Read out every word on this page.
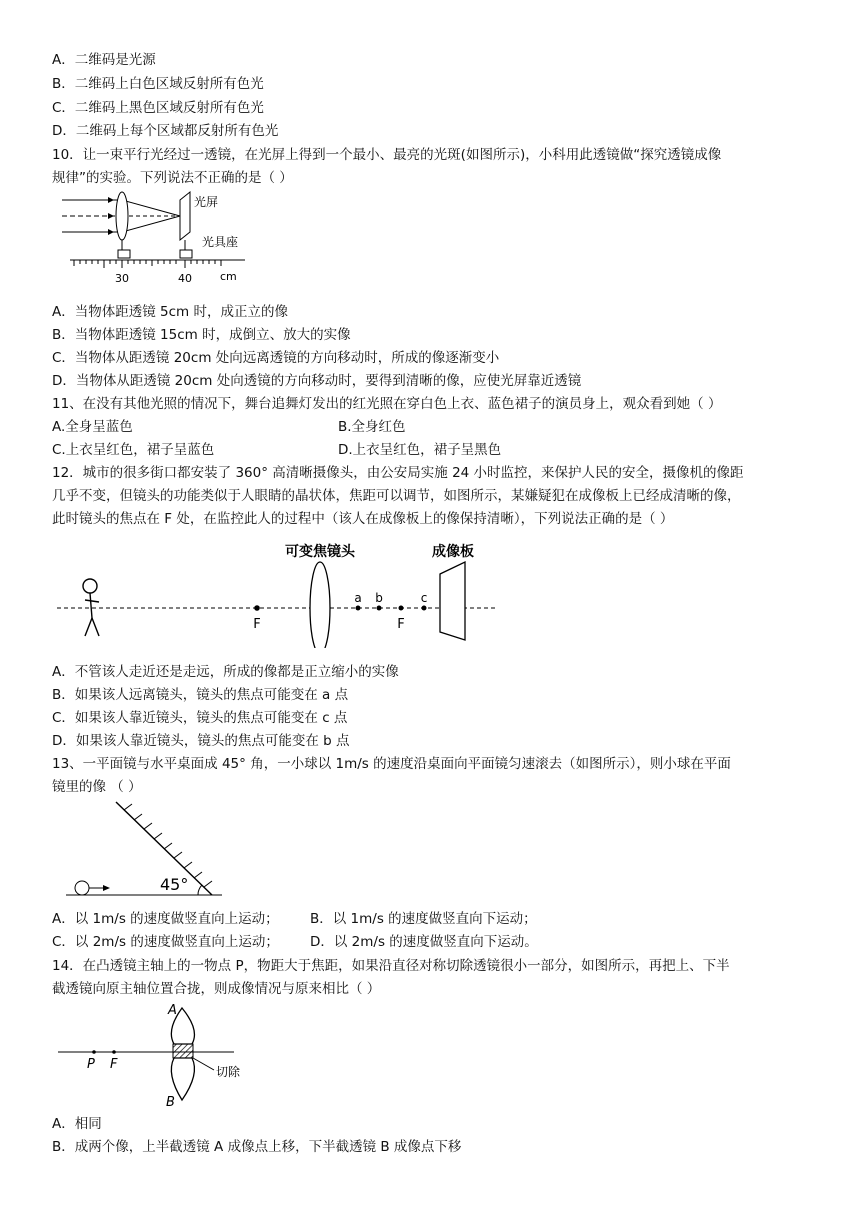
A．二维码是光源
B．二维码上白色区域反射所有色光
C．二维码上黑色区域反射所有色光
D．二维码上每个区域都反射所有色光
10．让一束平行光经过一透镜，在光屏上得到一个最小、最亮的光斑(如图所示)，小科用此透镜做“探究透镜成像
规律”的实验。下列说法不正确的是（ ）
光屏
光具座
30	40	cm
A．当物体距透镜 5cm 时，成正立的像
B．当物体距透镜 15cm 时，成倒立、放大的实像
C．当物体从距透镜 20cm 处向远离透镜的方向移动时，所成的像逐渐变小
D．当物体从距透镜 20cm 处向透镜的方向移动时，要得到清晰的像，应使光屏靠近透镜
11、在没有其他光照的情况下，舞台追舞灯发出的红光照在穿白色上衣、蓝色裙子的演员身上，观众看到她（ ）
A.全身呈蓝色	B.全身红色
C.上衣呈红色，裙子呈蓝色	D.上衣呈红色，裙子呈黑色
12．城市的很多街口都安装了 360° 高清晰摄像头，由公安局实施 24 小时监控，来保护人民的安全，摄像机的像距
几乎不变，但镜头的功能类似于人眼睛的晶状体，焦距可以调节，如图所示，某嫌疑犯在成像板上已经成清晰的像，
此时镜头的焦点在 F 处，在监控此人的过程中（该人在成像板上的像保持清晰），下列说法正确的是（ ）
F
可变焦镜头
a b
F
c
成像板
A．不管该人走近还是走远，所成的像都是正立缩小的实像
B．如果该人远离镜头，镜头的焦点可能变在 a 点
C．如果该人靠近镜头，镜头的焦点可能变在 c 点
D．如果该人靠近镜头，镜头的焦点可能变在 b 点
13、一平面镜与水平桌面成 45° 角，一小球以 1m/s 的速度沿桌面向平面镜匀速滚去（如图所示），则小球在平面
镜里的像 （ ）
45°
A．以 1m/s 的速度做竖直向上运动； B．以 1m/s 的速度做竖直向下运动；
C．以 2m/s 的速度做竖直向上运动； D．以 2m/s 的速度做竖直向下运动。
14．在凸透镜主轴上的一物点 P，物距大于焦距，如果沿直径对称切除透镜很小一部分，如图所示，再把上、下半
截透镜向原主轴位置合拢，则成像情况与原来相比（ ）
A
B
P F	切除
A．相同
B．成两个像，上半截透镜 A 成像点上移，下半截透镜 B 成像点下移
